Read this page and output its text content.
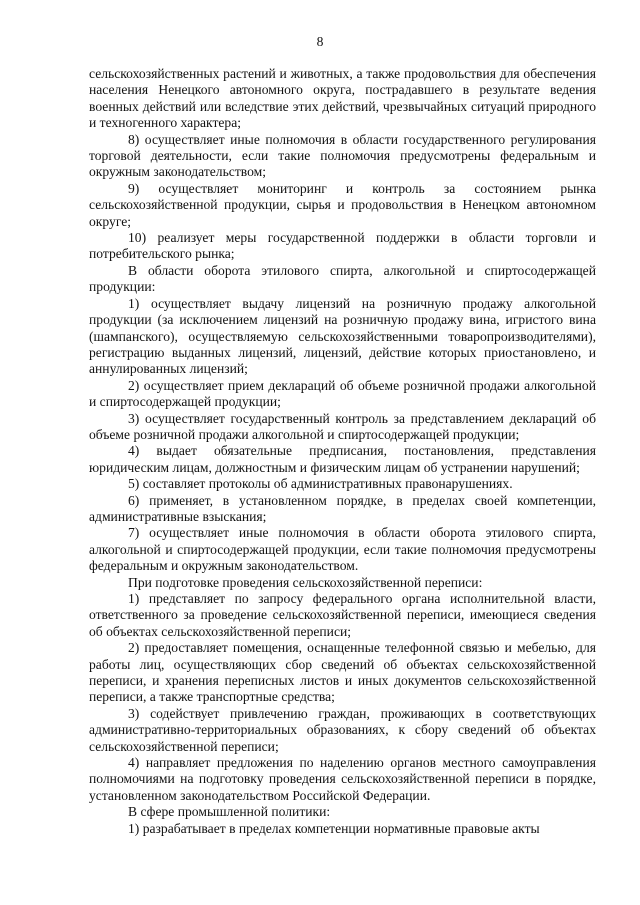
8

сельскохозяйственных растений и животных, а также продовольствия для обеспечения населения Ненецкого автономного округа, пострадавшего в результате ведения военных действий или вследствие этих действий, чрезвычайных ситуаций природного и техногенного характера;

8) осуществляет иные полномочия в области государственного регулирования торговой деятельности, если такие полномочия предусмотрены федеральным и окружным законодательством;

9) осуществляет мониторинг и контроль за состоянием рынка сельскохозяйственной продукции, сырья и продовольствия в Ненецком автономном округе;

10) реализует меры государственной поддержки в области торговли и потребительского рынка;

В области оборота этилового спирта, алкогольной и спиртосодержащей продукции:

1) осуществляет выдачу лицензий на розничную продажу алкогольной продукции (за исключением лицензий на розничную продажу вина, игристого вина (шампанского), осуществляемую сельскохозяйственными товаропроизводителями), регистрацию выданных лицензий, лицензий, действие которых приостановлено, и аннулированных лицензий;

2) осуществляет прием деклараций об объеме розничной продажи алкогольной и спиртосодержащей продукции;

3) осуществляет государственный контроль за представлением деклараций об объеме розничной продажи алкогольной и спиртосодержащей продукции;

4) выдает обязательные предписания, постановления, представления юридическим лицам, должностным и физическим лицам об устранении нарушений;

5) составляет протоколы об административных правонарушениях.

6) применяет, в установленном порядке, в пределах своей компетенции, административные взыскания;

7) осуществляет иные полномочия в области оборота этилового спирта, алкогольной и спиртосодержащей продукции, если такие полномочия предусмотрены федеральным и окружным законодательством.

При подготовке проведения сельскохозяйственной переписи:

1) представляет по запросу федерального органа исполнительной власти, ответственного за проведение сельскохозяйственной переписи, имеющиеся сведения об объектах сельскохозяйственной переписи;

2) предоставляет помещения, оснащенные телефонной связью и мебелью, для работы лиц, осуществляющих сбор сведений об объектах сельскохозяйственной переписи, и хранения переписных листов и иных документов сельскохозяйственной переписи, а также транспортные средства;

3) содействует привлечению граждан, проживающих в соответствующих административно-территориальных образованиях, к сбору сведений об объектах сельскохозяйственной переписи;

4) направляет предложения по наделению органов местного самоуправления полномочиями на подготовку проведения сельскохозяйственной переписи в порядке, установленном законодательством Российской Федерации.

В сфере промышленной политики:

1) разрабатывает в пределах компетенции нормативные правовые акты
